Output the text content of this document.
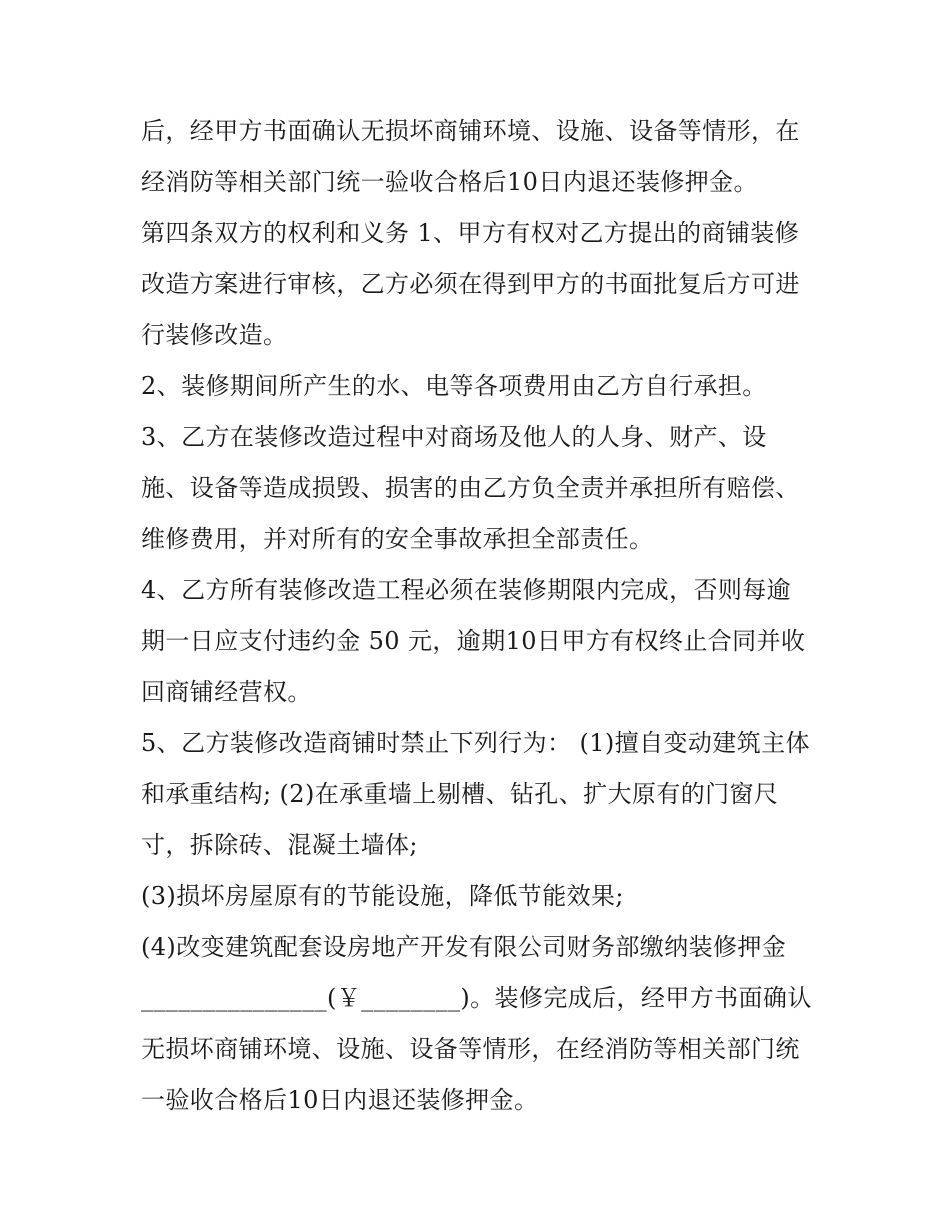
后，经甲方书面确认无损坏商铺环境、设施、设备等情形，在
经消防等相关部门统一验收合格后10日内退还装修押金。
第四条双方的权利和义务 1、甲方有权对乙方提出的商铺装修
改造方案进行审核，乙方必须在得到甲方的书面批复后方可进
行装修改造。
2、装修期间所产生的水、电等各项费用由乙方自行承担。
3、乙方在装修改造过程中对商场及他人的人身、财产、设
施、设备等造成损毁、损害的由乙方负全责并承担所有赔偿、
维修费用，并对所有的安全事故承担全部责任。
4、乙方所有装修改造工程必须在装修期限内完成，否则每逾
期一日应支付违约金 50 元，逾期10日甲方有权终止合同并收
回商铺经营权。
5、乙方装修改造商铺时禁止下列行为： (1)擅自变动建筑主体
和承重结构; (2)在承重墙上剔槽、钻孔、扩大原有的门窗尺
寸，拆除砖、混凝土墙体;
(3)损坏房屋原有的节能设施，降低节能效果;
(4)改变建筑配套设房地产开发有限公司财务部缴纳装修押金
_______________(￥________)。装修完成后，经甲方书面确认
无损坏商铺环境、设施、设备等情形，在经消防等相关部门统
一验收合格后10日内退还装修押金。
